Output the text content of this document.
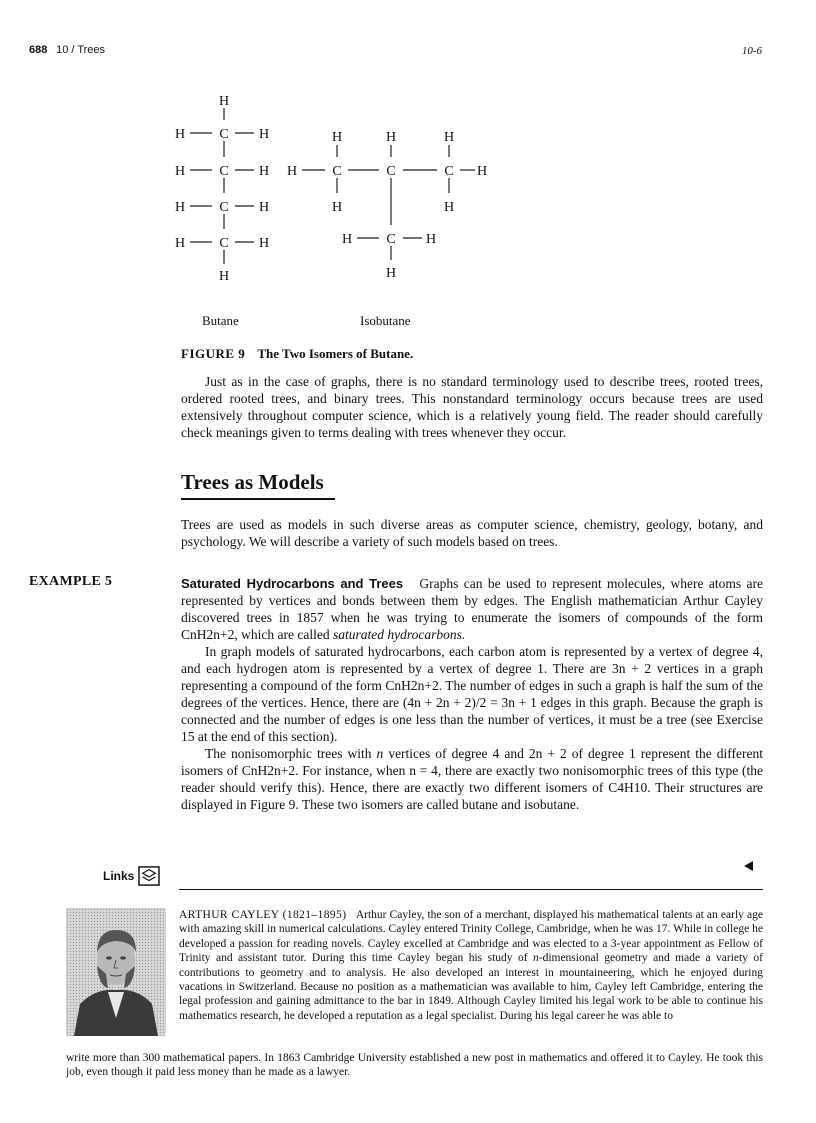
688 10 / Trees	10-6
H
H C H
H C H
H C H
H C H
H
H	H	H
H	C	C	C H
H	H
H C H
H
Butane	Isobutane
FIGURE 9 The Two Isomers of Butane.

Just as in the case of graphs, there is no standard terminology used to describe trees, rooted trees, ordered rooted trees, and binary trees. This nonstandard terminology occurs because trees are used extensively throughout computer science, which is a relatively young field. The reader should carefully check meanings given to terms dealing with trees whenever they occur.

Trees as Models

Trees are used as models in such diverse areas as computer science, chemistry, geology, botany, and psychology. We will describe a variety of such models based on trees.

EXAMPLE 5	Saturated Hydrocarbons and Trees Graphs can be used to represent molecules, where atoms are represented by vertices and bonds between them by edges. The English mathematician Arthur Cayley discovered trees in 1857 when he was trying to enumerate the isomers of compounds of the form CnH2n+2, which are called saturated hydrocarbons.

In graph models of saturated hydrocarbons, each carbon atom is represented by a vertex of degree 4, and each hydrogen atom is represented by a vertex of degree 1. There are 3n + 2 vertices in a graph representing a compound of the form CnH2n+2. The number of edges in such a graph is half the sum of the degrees of the vertices. Hence, there are (4n + 2n + 2)/2 = 3n + 1 edges in this graph. Because the graph is connected and the number of edges is one less than the number of vertices, it must be a tree (see Exercise 15 at the end of this section).

The nonisomorphic trees with n vertices of degree 4 and 2n + 2 of degree 1 represent the different isomers of CnH2n+2. For instance, when n = 4, there are exactly two nonisomorphic trees of this type (the reader should verify this). Hence, there are exactly two different isomers of C4H10. Their structures are displayed in Figure 9. These two isomers are called butane and isobutane.

Links

ARTHUR CAYLEY (1821–1895) Arthur Cayley, the son of a merchant, displayed his mathematical talents at an early age with amazing skill in numerical calculations. Cayley entered Trinity College, Cambridge, when he was 17. While in college he developed a passion for reading novels. Cayley excelled at Cambridge and was elected to a 3-year appointment as Fellow of Trinity and assistant tutor. During this time Cayley began his study of n-dimensional geometry and made a variety of contributions to geometry and to analysis. He also developed an interest in mountaineering, which he enjoyed during vacations in Switzerland. Because no position as a mathematician was available to him, Cayley left Cambridge, entering the legal profession and gaining admittance to the bar in 1849. Although Cayley limited his legal work to be able to continue his mathematics research, he developed a reputation as a legal specialist. During his legal career he was able to

write more than 300 mathematical papers. In 1863 Cambridge University established a new post in mathematics and offered it to Cayley. He took this job, even though it paid less money than he made as a lawyer.
